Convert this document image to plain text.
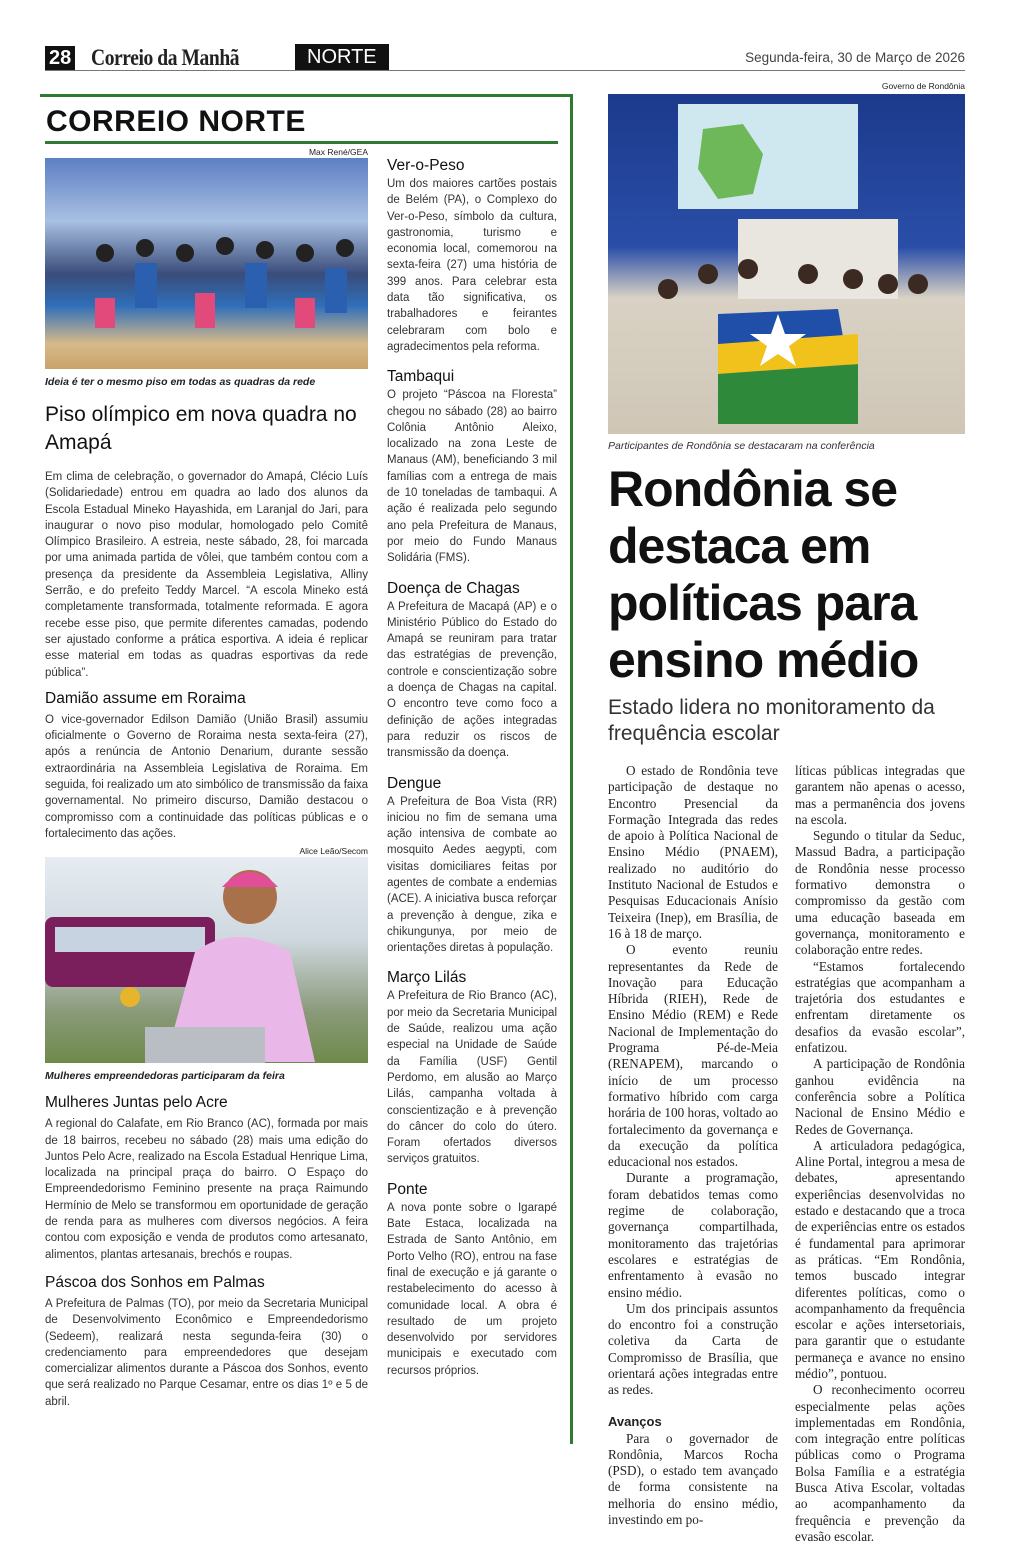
28 Correio da Manhã	NORTE	Segunda-feira, 30 de Março de 2026
CORREIO NORTE
Max René/GEA
Ideia é ter o mesmo piso em todas as quadras da rede
Piso olímpico em nova quadra no Amapá
Em clima de celebração, o governador do Amapá, Clécio Luís (Solidariedade) entrou em quadra ao lado dos alunos da Escola Estadual Mineko Hayashida, em Laranjal do Jari, para inaugurar o novo piso modular, homologado pelo Comitê Olímpico Brasileiro. A estreia, neste sábado, 28, foi marcada por uma animada partida de vôlei, que também contou com a presença da presidente da Assembleia Legislativa, Alliny Serrão, e do prefeito Teddy Marcel. “A escola Mineko está completamente transformada, totalmente reformada. E agora recebe esse piso, que permite diferentes camadas, podendo ser ajustado conforme a prática esportiva. A ideia é replicar esse material em todas as quadras esportivas da rede pública”.
Damião assume em Roraima
O vice-governador Edilson Damião (União Brasil) assumiu oficialmente o Governo de Roraima nesta sexta-feira (27), após a renúncia de Antonio Denarium, durante sessão extraordinária na Assembleia Legislativa de Roraima. Em seguida, foi realizado um ato simbólico de transmissão da faixa governamental. No primeiro discurso, Damião destacou o compromisso com a continuidade das políticas públicas e o fortalecimento das ações.
Alice Leão/Secom
Mulheres empreendedoras participaram da feira
Mulheres Juntas pelo Acre
A regional do Calafate, em Rio Branco (AC), formada por mais de 18 bairros, recebeu no sábado (28) mais uma edição do Juntos Pelo Acre, realizado na Escola Estadual Henrique Lima, localizada na principal praça do bairro. O Espaço do Empreendedorismo Feminino presente na praça Raimundo Hermínio de Melo se transformou em oportunidade de geração de renda para as mulheres com diversos negócios. A feira contou com exposição e venda de produtos como artesanato, alimentos, plantas artesanais, brechós e roupas.
Páscoa dos Sonhos em Palmas
A Prefeitura de Palmas (TO), por meio da Secretaria Municipal de Desenvolvimento Econômico e Empreendedorismo (Sedeem), realizará nesta segunda-feira (30) o credenciamento para empreendedores que desejam comercializar alimentos durante a Páscoa dos Sonhos, evento que será realizado no Parque Cesamar, entre os dias 1º e 5 de abril.
Ver-o-Peso
Um dos maiores cartões postais de Belém (PA), o Complexo do Ver-o-Peso, símbolo da cultura, gastronomia, turismo e economia local, comemorou na sexta-feira (27) uma história de 399 anos. Para celebrar esta data tão significativa, os trabalhadores e feirantes celebraram com bolo e agradecimentos pela reforma.
Tambaqui
O projeto “Páscoa na Floresta” chegou no sábado (28) ao bairro Colônia Antônio Aleixo, localizado na zona Leste de Manaus (AM), beneficiando 3 mil famílias com a entrega de mais de 10 toneladas de tambaqui. A ação é realizada pelo segundo ano pela Prefeitura de Manaus, por meio do Fundo Manaus Solidária (FMS).
Doença de Chagas
A Prefeitura de Macapá (AP) e o Ministério Público do Estado do Amapá se reuniram para tratar das estratégias de prevenção, controle e conscientização sobre a doença de Chagas na capital. O encontro teve como foco a definição de ações integradas para reduzir os riscos de transmissão da doença.
Dengue
A Prefeitura de Boa Vista (RR) iniciou no fim de semana uma ação intensiva de combate ao mosquito Aedes aegypti, com visitas domiciliares feitas por agentes de combate a endemias (ACE). A iniciativa busca reforçar a prevenção à dengue, zika e chikungunya, por meio de orientações diretas à população.
Março Lilás
A Prefeitura de Rio Branco (AC), por meio da Secretaria Municipal de Saúde, realizou uma ação especial na Unidade de Saúde da Família (USF) Gentil Perdomo, em alusão ao Março Lilás, campanha voltada à conscientização e à prevenção do câncer do colo do útero. Foram ofertados diversos serviços gratuitos.
Ponte
A nova ponte sobre o Igarapé Bate Estaca, localizada na Estrada de Santo Antônio, em Porto Velho (RO), entrou na fase final de execução e já garante o restabelecimento do acesso à comunidade local. A obra é resultado de um projeto desenvolvido por servidores municipais e executado com recursos próprios.
Governo de Rondônia
Participantes de Rondônia se destacaram na conferência
Rondônia se destaca em políticas para ensino médio
Estado lidera no monitoramento da frequência escolar

O estado de Rondônia teve participação de destaque no Encontro Presencial da Formação Integrada das redes de apoio à Política Nacional de Ensino Médio (PNAEM), realizado no auditório do Instituto Nacional de Estudos e Pesquisas Educacionais Anísio Teixeira (Inep), em Brasília, de 16 à 18 de março.

O evento reuniu representantes da Rede de Inovação para Educação Híbrida (RIEH), Rede de Ensino Médio (REM) e Rede Nacional de Implementação do Programa Pé-de-Meia (RENAPEM), marcando o início de um processo formativo híbrido com carga horária de 100 horas, voltado ao fortalecimento da governança e da execução da política educacional nos estados.

Durante a programação, foram debatidos temas como regime de colaboração, governança compartilhada, monitoramento das trajetórias escolares e estratégias de enfrentamento à evasão no ensino médio.

Um dos principais assuntos do encontro foi a construção coletiva da Carta de Compromisso de Brasília, que orientará ações integradas entre as redes.

Avanços

Para o governador de Rondônia, Marcos Rocha (PSD), o estado tem avançado de forma consistente na melhoria do ensino médio, investindo em po-

líticas públicas integradas que garantem não apenas o acesso, mas a permanência dos jovens na escola.

Segundo o titular da Seduc, Massud Badra, a participação de Rondônia nesse processo formativo demonstra o compromisso da gestão com uma educação baseada em governança, monitoramento e colaboração entre redes.

“Estamos fortalecendo estratégias que acompanham a trajetória dos estudantes e enfrentam diretamente os desafios da evasão escolar”, enfatizou.

A participação de Rondônia ganhou evidência na conferência sobre a Política Nacional de Ensino Médio e Redes de Governança.

A articuladora pedagógica, Aline Portal, integrou a mesa de debates, apresentando experiências desenvolvidas no estado e destacando que a troca de experiências entre os estados é fundamental para aprimorar as práticas. “Em Rondônia, temos buscado integrar diferentes políticas, como o acompanhamento da frequência escolar e ações intersetoriais, para garantir que o estudante permaneça e avance no ensino médio”, pontuou.

O reconhecimento ocorreu especialmente pelas ações implementadas em Rondônia, com integração entre políticas públicas como o Programa Bolsa Família e a estratégia Busca Ativa Escolar, voltadas ao acompanhamento da frequência e prevenção da evasão escolar.
